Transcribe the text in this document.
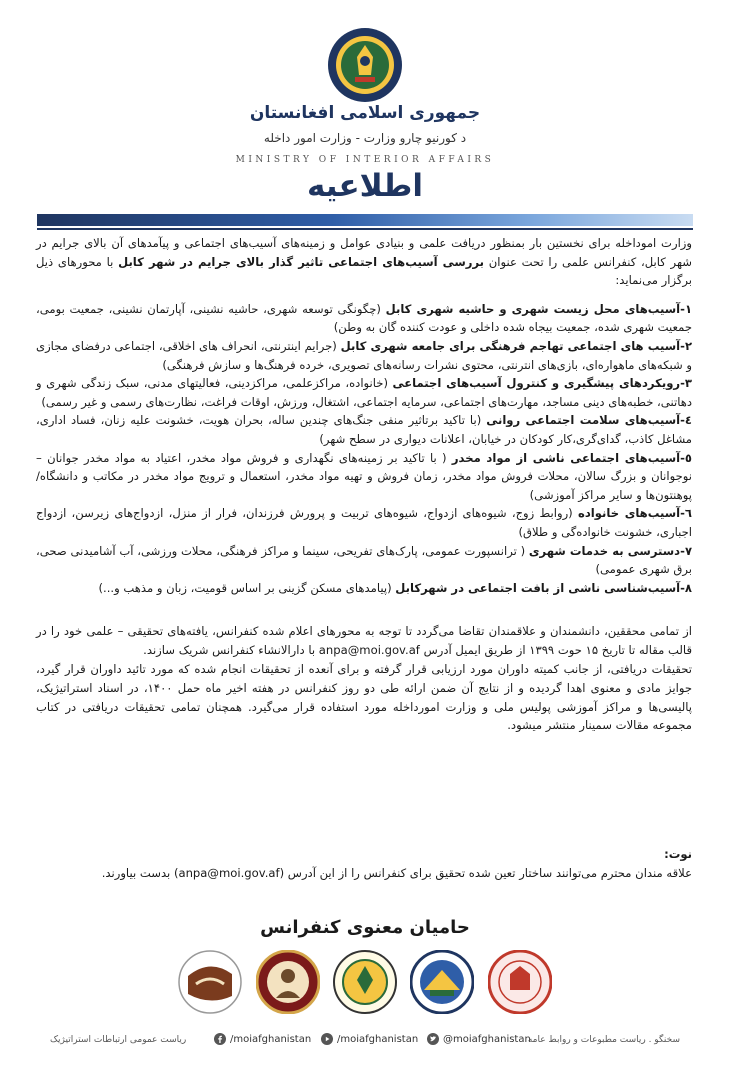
جمهوری اسلامی افغانستان
د کورنیو چارو وزارت - وزارت امور داخله
MINISTRY OF INTERIOR AFFAIRS
اطلاعیه

وزارت اموداخله برای نخستین بار بمنظور دریافت علمی و بنیادی عوامل و زمینه‌های آسیب‌های اجتماعی و پیآمدهای آن بالای جرایم در شهر کابل، کنفرانس علمی را تحت عنوان بررسی آسیب‌های اجتماعی تاثیر گذار بالای جرایم در شهر کابل با محورهای ذیل برگزار می‌نماید:

۱-آسیب‌های محل زیست شهری و حاشیه شهری کابل (چگونگی توسعه شهری، حاشیه نشینی، آپارتمان نشینی، جمعیت بومی، جمعیت شهری شده، جمعیت بیجاه شده داخلی و عودت کننده گان به وطن)

۲-آسیب های اجتماعی تهاجم فرهنگی برای جامعه شهری کابل (جرایم اینترنتی، انحراف های اخلاقی، اجتماعی درفضای مجازی و شبکه‌های ماهواره‌ای، بازی‌های انترنتی، محتوی نشرات رسانه‌های تصویری، خرده فرهنگ‌ها و سازش فرهنگی)

۳-رویکردهای پیشگیری و کنترول آسیب‌های اجتماعی (خانواده، مراکزعلمی، مراکزدینی، فعالیتهای مدنی، سبک زندگی شهری و دهاتنی، خطبه‌های دینی مساجد، مهارت‌های اجتماعی، سرمایه اجتماعی، اشتغال، ورزش، اوقات فراغت، نظارت‌های رسمی و غیر رسمی)

٤-آسیب‌های سلامت اجتماعی روانی (با تاکید برتاثیر منفی جنگ‌های چندین ساله، بحران هویت، خشونت علیه زنان، فساد اداری، مشاغل کاذب، گدای‌گری،کار کودکان در خیابان، اعلانات دیواری در سطح شهر)

٥-آسیب‌های اجتماعی ناشی از مواد مخدر ( با تاکید بر زمینه‌های نگهداری و فروش مواد مخدر، اعتیاد به مواد مخدر جوانان – نوجوانان و بزرگ سالان، محلات فروش مواد مخدر، زمان فروش و تهیه مواد مخدر، استعمال و ترویج مواد مخدر در مکاتب و دانشگاه/پوهنتون‌ها و سایر مراکز آموزشی)

٦-آسیب‌های خانواده (روابط زوج، شیوه‌های ازدواج، شیوه‌های تربیت و پرورش فرزندان، فرار از منزل، ازدواج‌های زیرسن، ازدواج اجباری، خشونت خانواده‌گی و طلاق)

۷-دسترسی به خدمات شهری ( ترانسپورت عمومی، پارک‌های تفریحی، سینما و مراکز فرهنگی، محلات ورزشی، آب آشامیدنی صحی، برق شهری عمومی)

۸-آسیب‌شناسی ناشی از بافت اجتماعی در شهرکابل (پیامدهای مسکن گزینی بر اساس قومیت، زبان و مذهب و...)

از تمامی محققین، دانشمندان و علاقمندان تقاضا می‌گردد تا توجه به محورهای اعلام شده کنفرانس، یافته‌های تحقیقی – علمی خود را در قالب مقاله تا تاریخ ۱۵ حوت ۱۳۹۹ از طریق ایمیل آدرس anpa@moi.gov.af با دارالانشاء کنفرانس شریک سازند.

تحقیقات دریافتی، از جانب کمیته داوران مورد ارزیابی قرار گرفته و برای آنعده از تحقیقات انجام شده که مورد تائید داوران قرار گیرد، جوایز مادی و معنوی اهدا گردیده و از نتایج آن ضمن ارائه طی دو روز کنفرانس در هفته اخیر ماه حمل ۱۴۰۰، در اسناد استراتیژیک، پالیسی‌ها و مراکز آموزشی پولیس ملی و وزارت امورداخله مورد استفاده قرار می‌گیرد. همچنان تمامی تحقیقات دریافتی در کتاب مجموعه مقالات سمینار منتشر میشود.

نوت:
علاقه مندان محترم می‌توانند ساختار تعین شده تحقیق برای کنفرانس را از این آدرس (anpa@moi.gov.af) بدست بیاورند.
حامیان معنوی کنفرانس
ریاست عمومی ارتباطات استراتیژیک	/moiafghanistan	/moiafghanistan @moiafghanistan
سخنگو . ریاست مطبوعات و روابط عامه
